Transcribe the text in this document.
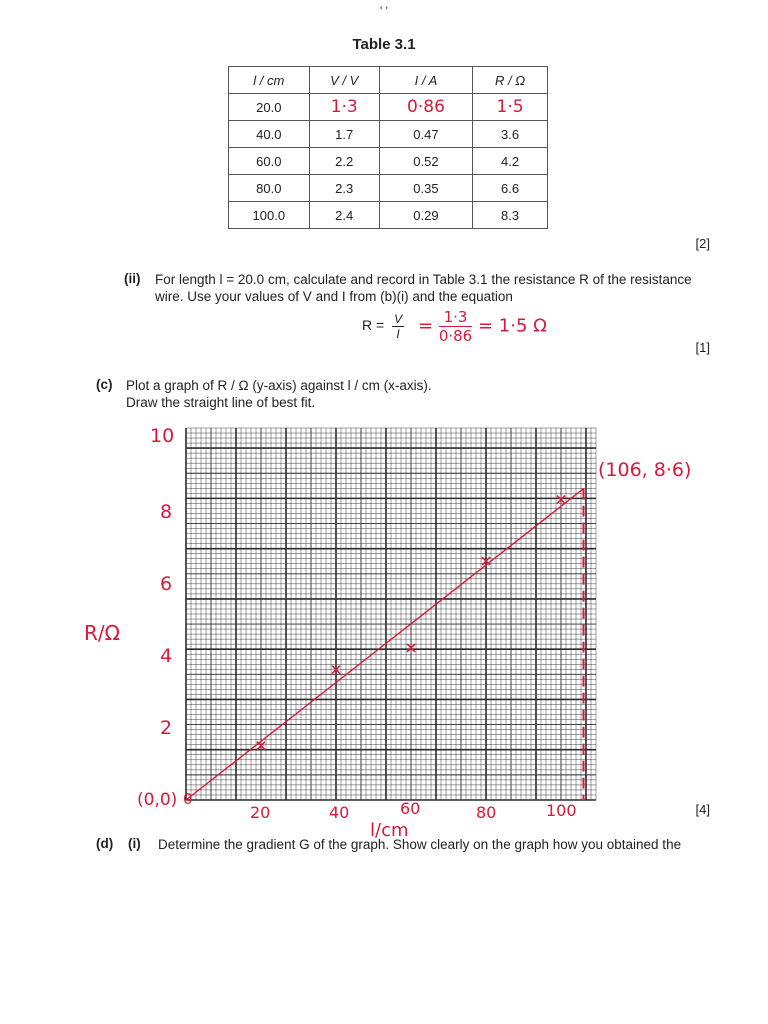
' '
Table 3.1
l / cm	V / V	I / A	R / Ω
20.0	1·3	0·86	1·5
40.0	1.7	0.47	3.6
60.0	2.2	0.52	4.2
80.0	2.3	0.35	6.6
100.0	2.4	0.29	8.3
[2]
(ii) For length l = 20.0 cm, calculate and record in Table 3.1 the resistance R of the resistance
wire. Use your values of V and I from (b)(i) and the equation
$R = \frac{V}{I} = \frac{1\cdot 3}{0\cdot 86} = 1\cdot 5$ Ω
[1]
(c) Plot a graph of R / Ω (y-axis) against l / cm (x-axis).
Draw the straight line of best fit.
10
8
6
4
2
20	40	60	80	100
(0,0) 0
R/Ω
l/cm
(106, 8·6)
[4]
(d) (i) Determine the gradient G of the graph. Show clearly on the graph how you obtained the
